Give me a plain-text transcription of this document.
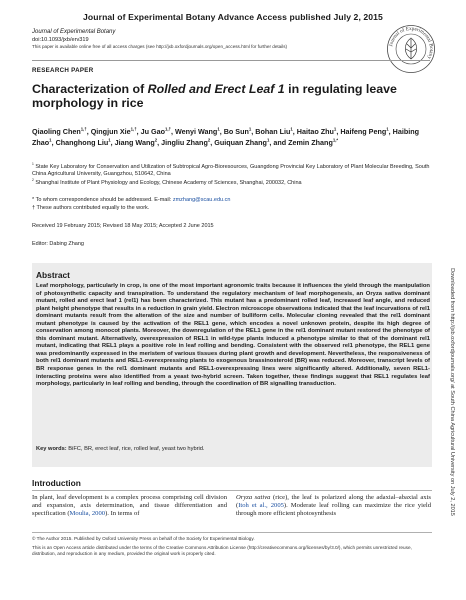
Journal of Experimental Botany Advance Access published July 2, 2015
Journal of Experimental Botany
doi:10.1093/jxb/erv319
This paper is available online free of all access charges (see http://jxb.oxfordjournals.org/open_access.html for further details)	Journal of Experimental Botany
RESEARCH PAPER
Characterization of Rolled and Erect Leaf 1 in regulating leave morphology in rice
Qiaoling Chen$^{1,\dagger}$, Qingjun Xie$^{1,\dagger}$, Ju Gao$^{1,\dagger}$, Wenyi Wang$^1$, Bo Sun$^1$, Bohan Liu$^1$, Haitao Zhu$^1$, Haifeng Peng$^1$, Haibing Zhao$^1$, Changhong Liu$^1$, Jiang Wang$^2$, Jingliu Zhang$^2$, Guiquan Zhang$^1$, and Zemin Zhang$^{1,*}$
$^1$ State Key Laboratory for Conservation and Utilization of Subtropical Agro-Bioresources, Guangdong Provincial Key Laboratory of Plant Molecular Breeding, South China Agricultural University, Guangzhou, 510642, China
$^2$ Shanghai Institute of Plant Physiology and Ecology, Chinese Academy of Sciences, Shanghai, 200032, China
* To whom correspondence should be addressed. E-mail: zmzhang@scau.edu.cn
† These authors contributed equally to the work.
Received 19 February 2015; Revised 18 May 2015; Accepted 2 June 2015
Editor: Dabing Zhang
Abstract
Leaf morphology, particularly in crop, is one of the most important agronomic traits because it influences the yield through the manipulation of photosynthetic capacity and transpiration. To understand the regulatory mechanism of leaf morphogenesis, an Oryza sativa dominant mutant, rolled and erect leaf 1 (rel1) has been characterized. This mutant has a predominant rolled leaf, increased leaf angle, and reduced plant height phenotype that results in a reduction in grain yield. Electron microscope observations indicated that the leaf incurvations of rel1 dominant mutants result from the alteration of the size and number of bulliform cells. Molecular cloning revealed that the rel1 dominant mutant phenotype is caused by the activation of the REL1 gene, which encodes a novel unknown protein, despite its high degree of conservation among monocot plants. Moreover, the downregulation of the REL1 gene in the rel1 dominant mutant restored the phenotype of this dominant mutant. Alternatively, overexpression of REL1 in wild-type plants induced a phenotype similar to that of the dominant rel1 mutant, indicating that REL1 plays a positive role in leaf rolling and bending. Consistent with the observed rel1 phenotype, the REL1 gene was predominantly expressed in the meristem of various tissues during plant growth and development. Nevertheless, the responsiveness of both rel1 dominant mutants and REL1-overexpressing plants to exogenous brassinosteroid (BR) was reduced. Moreover, transcript levels of BR response genes in the rel1 dominant mutants and REL1-overexpressing lines were significantly altered. Additionally, seven REL1-interacting proteins were also identified from a yeast two-hybrid screen. Taken together, these findings suggest that REL1 regulates leaf morphology, particularly in leaf rolling and bending, through the coordination of BR signalling transduction.
Key words: BiFC, BR, erect leaf, rice, rolled leaf, yeast two hybrid.
Introduction
In plant, leaf development is a complex process comprising cell division and expansion, axis determination, and tissue differentiation and specification (Moulia, 2000). In terms of
Oryza sativa (rice), the leaf is polarized along the adaxial–abaxial axis (Itoh et al., 2005). Moderate leaf rolling can maximize the rice yield through more efficient photosynthesis
© The Author 2015. Published by Oxford University Press on behalf of the Society for Experimental Biology.
This is an Open Access article distributed under the terms of the Creative Commons Attribution License (http://creativecommons.org/licenses/by/3.0/), which permits unrestricted reuse, distribution, and reproduction in any medium, provided the original work is properly cited.
Downloaded from http://jxb.oxfordjournals.org/ at South China Agricultural University on July 2, 2015
